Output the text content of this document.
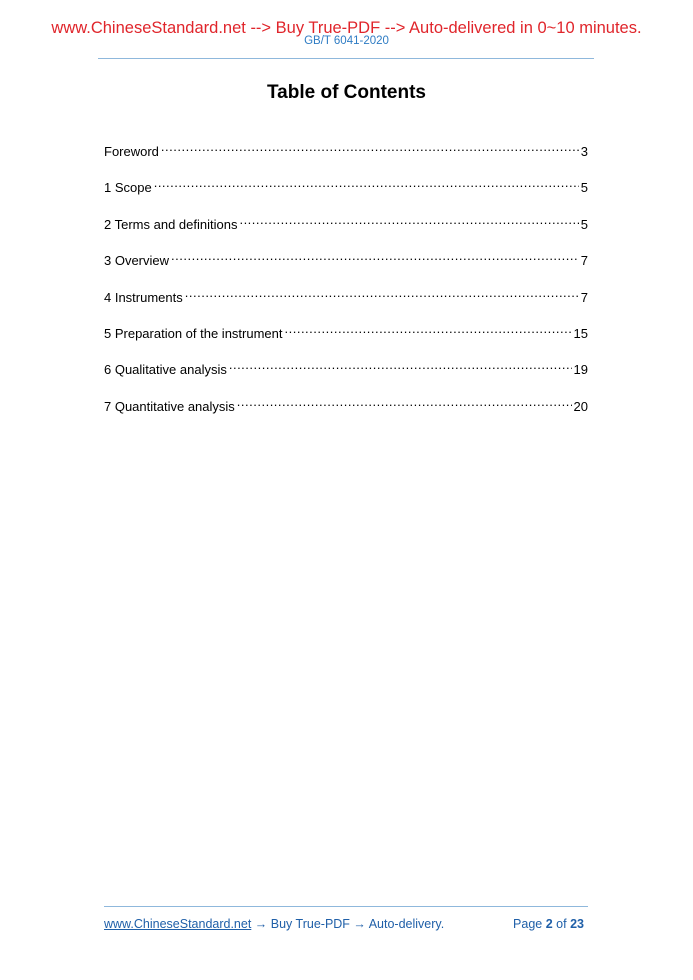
www.ChineseStandard.net --> Buy True-PDF --> Auto-delivered in 0~10 minutes.
GB/T 6041-2020
Table of Contents
Foreword .....	3
1 Scope .....	5
2 Terms and definitions .....	5
3 Overview .....	7
4 Instruments .....	7
5 Preparation of the instrument .....	15
6 Qualitative analysis .....	19
7 Quantitative analysis .....	20
www.ChineseStandard.net → Buy True-PDF → Auto-delivery.	Page 2 of 23
